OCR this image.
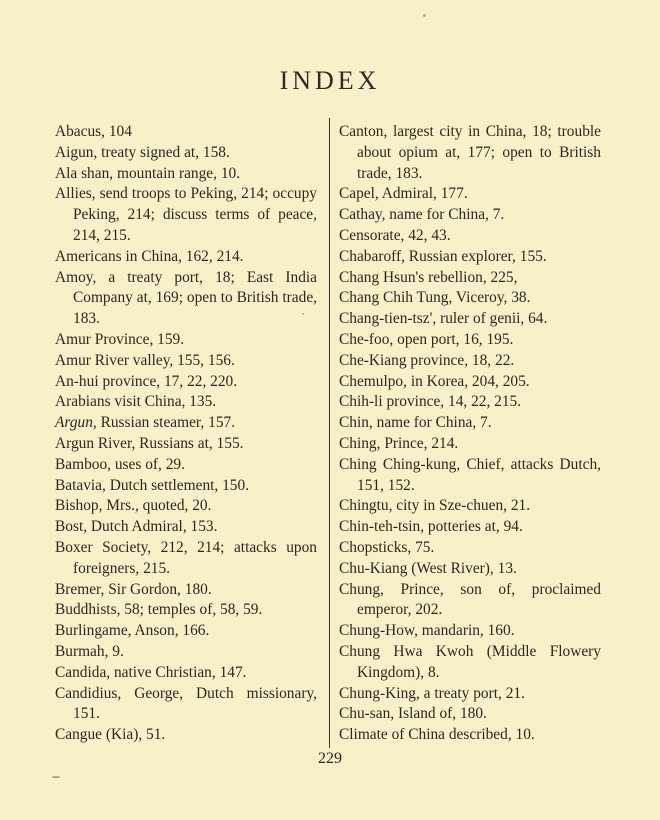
INDEX
Abacus, 104
Aigun, treaty signed at, 158.
Ala shan, mountain range, 10.
Allies, send troops to Peking, 214; occupy Peking, 214; discuss terms of peace, 214, 215.
Americans in China, 162, 214.
Amoy, a treaty port, 18; East India Company at, 169; open to British trade, 183.
Amur Province, 159.
Amur River valley, 155, 156.
An-hui province, 17, 22, 220.
Arabians visit China, 135.
Argun, Russian steamer, 157.
Argun River, Russians at, 155.
Bamboo, uses of, 29.
Batavia, Dutch settlement, 150.
Bishop, Mrs., quoted, 20.
Bost, Dutch Admiral, 153.
Boxer Society, 212, 214; attacks upon foreigners, 215.
Bremer, Sir Gordon, 180.
Buddhists, 58; temples of, 58, 59.
Burlingame, Anson, 166.
Burmah, 9.
Candida, native Christian, 147.
Candidius, George, Dutch missionary, 151.
Cangue (Kia), 51.
Canton, largest city in China, 18; trouble about opium at, 177; open to British trade, 183.
Capel, Admiral, 177.
Cathay, name for China, 7.
Censorate, 42, 43.
Chabaroff, Russian explorer, 155.
Chang Hsun's rebellion, 225,
Chang Chih Tung, Viceroy, 38.
Chang-tien-tsz', ruler of genii, 64.
Che-foo, open port, 16, 195.
Che-Kiang province, 18, 22.
Chemulpo, in Korea, 204, 205.
Chih-li province, 14, 22, 215.
Chin, name for China, 7.
Ching, Prince, 214.
Ching Ching-kung, Chief, attacks Dutch, 151, 152.
Chingtu, city in Sze-chuen, 21.
Chin-teh-tsin, potteries at, 94.
Chopsticks, 75.
Chu-Kiang (West River), 13.
Chung, Prince, son of, proclaimed emperor, 202.
Chung-How, mandarin, 160.
Chung Hwa Kwoh (Middle Flowery Kingdom), 8.
Chung-King, a treaty port, 21.
Chu-san, Island of, 180.
Climate of China described, 10.
229
